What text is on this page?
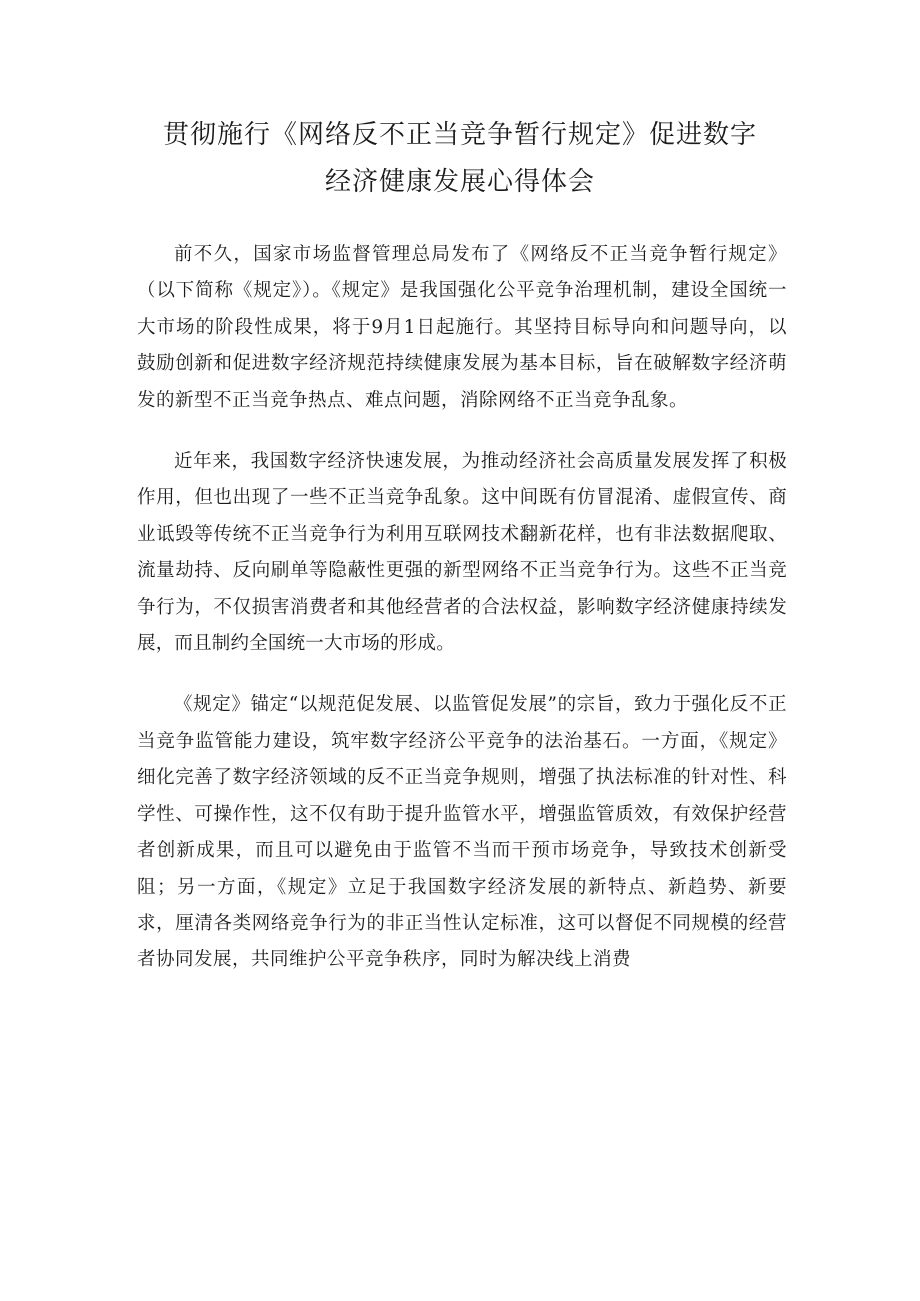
贯彻施行《网络反不正当竞争暂行规定》促进数字
经济健康发展心得体会

前不久，国家市场监督管理总局发布了《网络反不正当竞争暂行规定》（以下简称《规定》）。《规定》是我国强化公平竞争治理机制，建设全国统一大市场的阶段性成果，将于9月1日起施行。其坚持目标导向和问题导向，以鼓励创新和促进数字经济规范持续健康发展为基本目标，旨在破解数字经济萌发的新型不正当竞争热点、难点问题，消除网络不正当竞争乱象。

近年来，我国数字经济快速发展，为推动经济社会高质量发展发挥了积极作用，但也出现了一些不正当竞争乱象。这中间既有仿冒混淆、虚假宣传、商业诋毁等传统不正当竞争行为利用互联网技术翻新花样，也有非法数据爬取、流量劫持、反向刷单等隐蔽性更强的新型网络不正当竞争行为。这些不正当竞争行为，不仅损害消费者和其他经营者的合法权益，影响数字经济健康持续发展，而且制约全国统一大市场的形成。

《规定》锚定“以规范促发展、以监管促发展”的宗旨，致力于强化反不正当竞争监管能力建设，筑牢数字经济公平竞争的法治基石。一方面，《规定》细化完善了数字经济领域的反不正当竞争规则，增强了执法标准的针对性、科学性、可操作性，这不仅有助于提升监管水平，增强监管质效，有效保护经营者创新成果，而且可以避免由于监管不当而干预市场竞争，导致技术创新受阻；另一方面，《规定》立足于我国数字经济发展的新特点、新趋势、新要求，厘清各类网络竞争行为的非正当性认定标准，这可以督促不同规模的经营者协同发展，共同维护公平竞争秩序，同时为解决线上消费
